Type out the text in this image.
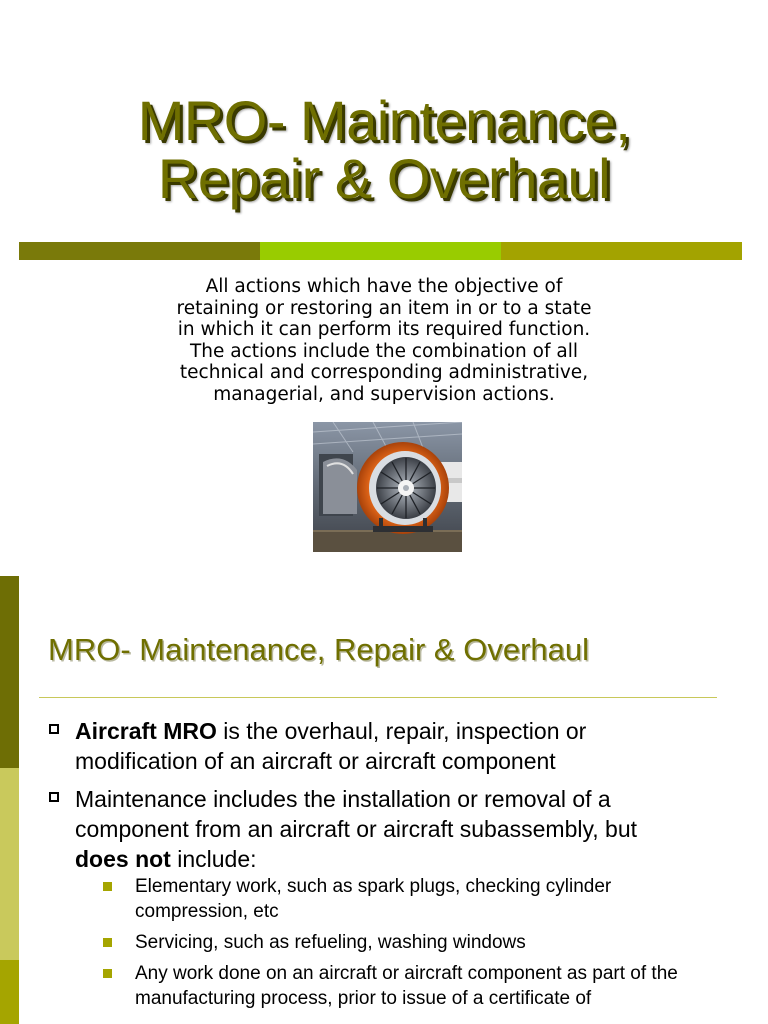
MRO- Maintenance,
Repair & Overhaul
All actions which have the objective of
retaining or restoring an item in or to a state
in which it can perform its required function.
The actions include the combination of all
technical and corresponding administrative,
managerial, and supervision actions.
MRO- Maintenance, Repair & Overhaul
Aircraft MRO is the overhaul, repair, inspection or
modification of an aircraft or aircraft component
Maintenance includes the installation or removal of a
component from an aircraft or aircraft subassembly, but
does not include:
Elementary work, such as spark plugs, checking cylinder
compression, etc
Servicing, such as refueling, washing windows
Any work done on an aircraft or aircraft component as part of the
manufacturing process, prior to issue of a certificate of
